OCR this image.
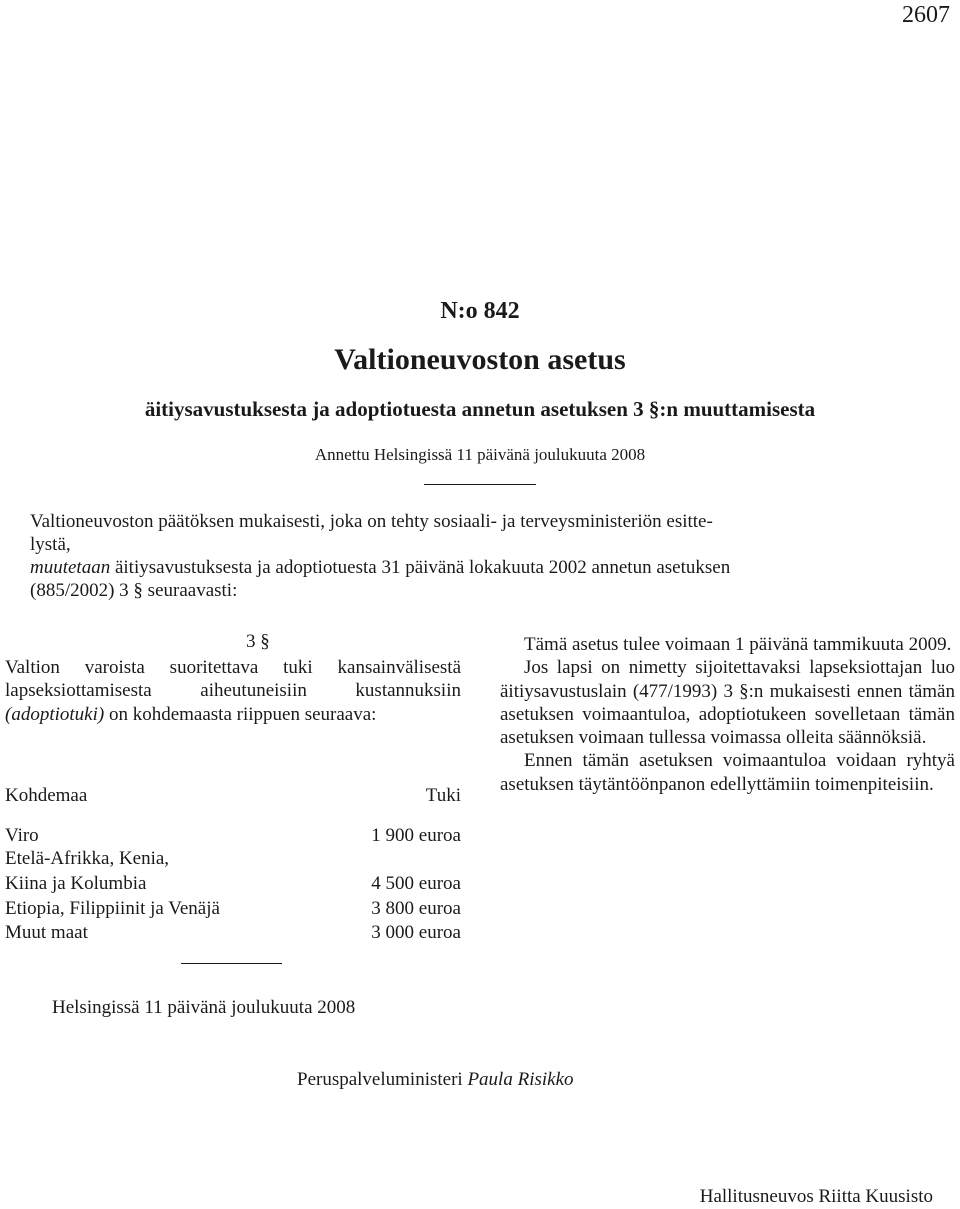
2607
N:o 842
Valtioneuvoston asetus
äitiysavustuksesta ja adoptiotuesta annetun asetuksen 3 §:n muuttamisesta
Annettu Helsingissä 11 päivänä joulukuuta 2008
Valtioneuvoston päätöksen mukaisesti, joka on tehty sosiaali- ja terveysministeriön esitte-
lystä,
muutetaan äitiysavustuksesta ja adoptiotuesta 31 päivänä lokakuuta 2002 annetun asetuksen
(885/2002) 3 § seuraavasti:
3 §
Valtion varoista suoritettava tuki kansainvälisestä lapseksiottamisesta aiheutuneisiin kustannuksiin (adoptiotuki) on kohdemaasta riippuen seuraava:
Kohdemaa	Tuki
Viro	1 900 euroa
Etelä-Afrikka, Kenia,
Kiina ja Kolumbia	4 500 euroa
Etiopia, Filippiinit ja Venäjä	3 800 euroa
Muut maat	3 000 euroa

Tämä asetus tulee voimaan 1 päivänä tammikuuta 2009.

Jos lapsi on nimetty sijoitettavaksi lapseksiottajan luo äitiysavustuslain (477/1993) 3 §:n mukaisesti ennen tämän asetuksen voimaantuloa, adoptiotukeen sovelletaan tämän asetuksen voimaan tullessa voimassa olleita säännöksiä.

Ennen tämän asetuksen voimaantuloa voidaan ryhtyä asetuksen täytäntöönpanon edellyttämiin toimenpiteisiin.

Helsingissä 11 päivänä joulukuuta 2008
Peruspalveluministeri Paula Risikko
Hallitusneuvos Riitta Kuusisto
